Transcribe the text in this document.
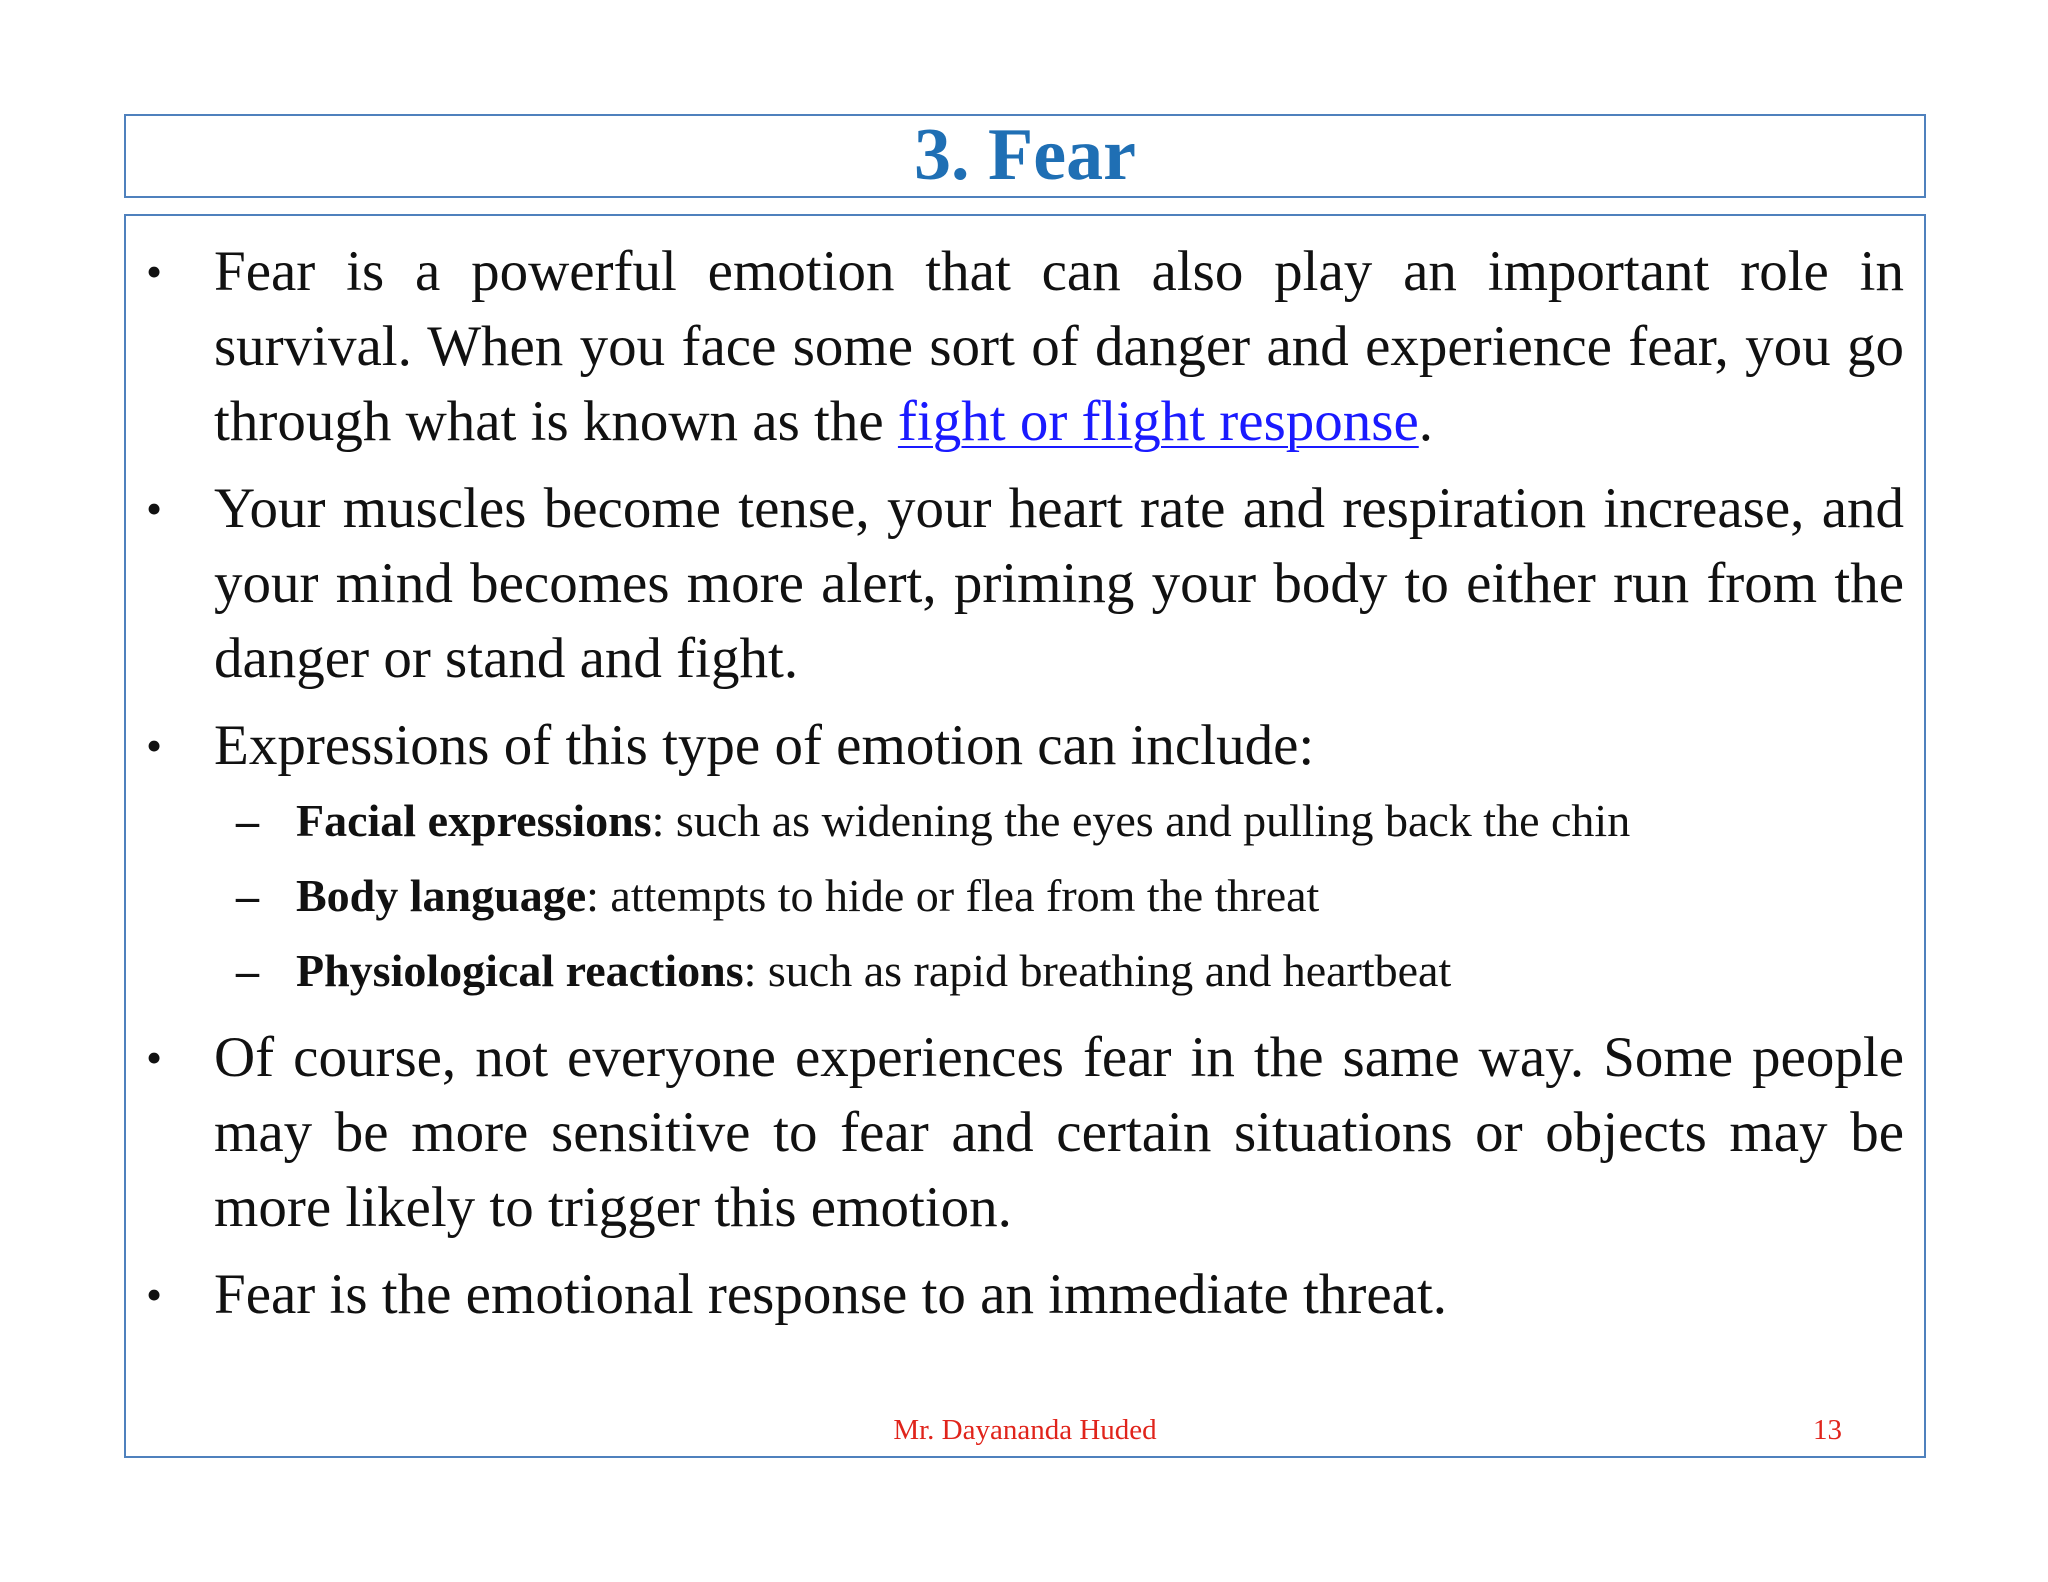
3. Fear
• Fear is a powerful emotion that can also play an important role in survival. When you face some sort of danger and experience fear, you go through what is known as the fight or flight response.
• Your muscles become tense, your heart rate and respiration increase, and your mind becomes more alert, priming your body to either run from the danger or stand and fight.
• Expressions of this type of emotion can include:
– Facial expressions: such as widening the eyes and pulling back the chin
– Body language: attempts to hide or flea from the threat
– Physiological reactions: such as rapid breathing and heartbeat
• Of course, not everyone experiences fear in the same way. Some people may be more sensitive to fear and certain situations or objects may be more likely to trigger this emotion.
• Fear is the emotional response to an immediate threat.
Mr. Dayananda Huded	13
